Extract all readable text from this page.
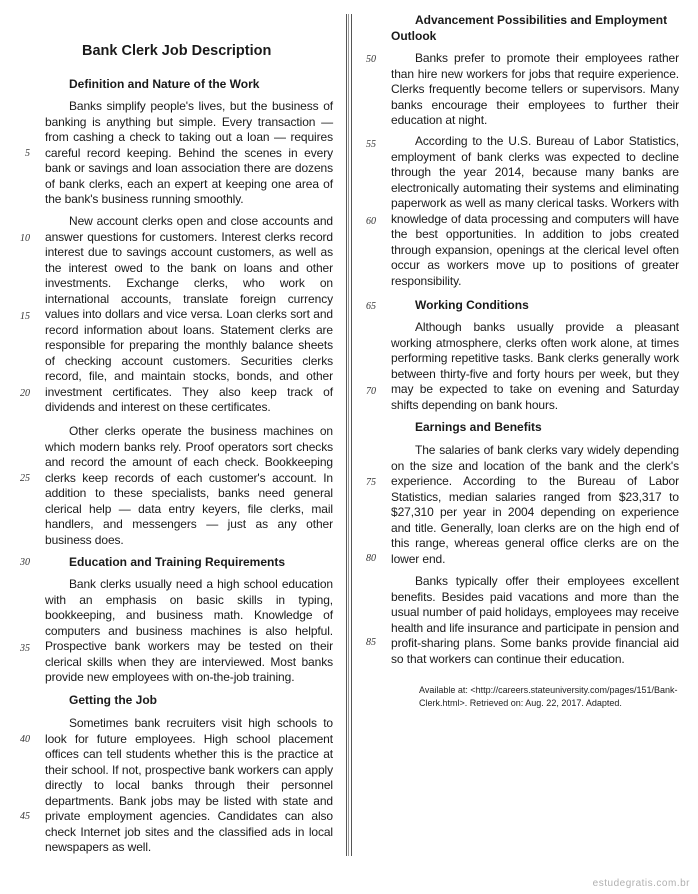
Bank Clerk Job Description

Definition and Nature of the Work

Banks simplify people's lives, but the business of banking is anything but simple. Every transaction — from cashing a check to taking out a loan — requires careful record keeping. Behind the scenes in every bank or savings and loan association there are dozens of bank clerks, each an expert at keeping one area of the bank's business running smoothly.

New account clerks open and close accounts and answer questions for customers. Interest clerks record interest due to savings account customers, as well as the interest owed to the bank on loans and other investments. Exchange clerks, who work on international accounts, translate foreign currency values into dollars and vice versa. Loan clerks sort and record information about loans. Statement clerks are responsible for preparing the monthly balance sheets of checking account customers. Securities clerks record, file, and maintain stocks, bonds, and other investment certificates. They also keep track of dividends and interest on these certificates.

Other clerks operate the business machines on which modern banks rely. Proof operators sort checks and record the amount of each check. Bookkeeping clerks keep records of each customer's account. In addition to these specialists, banks need general clerical help — data entry keyers, file clerks, mail handlers, and messengers — just as any other business does.

Education and Training Requirements

Bank clerks usually need a high school education with an emphasis on basic skills in typing, bookkeeping, and business math. Knowledge of computers and business machines is also helpful. Prospective bank workers may be tested on their clerical skills when they are interviewed. Most banks provide new employees with on-the-job training.

Getting the Job

Sometimes bank recruiters visit high schools to look for future employees. High school placement offices can tell students whether this is the practice at their school. If not, prospective bank workers can apply directly to local banks through their personnel departments. Bank jobs may be listed with state and private employment agencies. Candidates can also check Internet job sites and the classified ads in local newspapers as well.

Advancement Possibilities and Employment Outlook

Banks prefer to promote their employees rather than hire new workers for jobs that require experience. Clerks frequently become tellers or supervisors. Many banks encourage their employees to further their education at night.

According to the U.S. Bureau of Labor Statistics, employment of bank clerks was expected to decline through the year 2014, because many banks are electronically automating their systems and eliminating paperwork as well as many clerical tasks. Workers with knowledge of data processing and computers will have the best opportunities. In addition to jobs created through expansion, openings at the clerical level often occur as workers move up to positions of greater responsibility.

Working Conditions

Although banks usually provide a pleasant working atmosphere, clerks often work alone, at times performing repetitive tasks. Bank clerks generally work between thirty-five and forty hours per week, but they may be expected to take on evening and Saturday shifts depending on bank hours.

Earnings and Benefits

The salaries of bank clerks vary widely depending on the size and location of the bank and the clerk's experience. According to the Bureau of Labor Statistics, median salaries ranged from $23,317 to $27,310 per year in 2004 depending on experience and title. Generally, loan clerks are on the high end of this range, whereas general office clerks are on the lower end.

Banks typically offer their employees excellent benefits. Besides paid vacations and more than the usual number of paid holidays, employees may receive health and life insurance and participate in pension and profit-sharing plans. Some banks provide financial aid so that workers can continue their education.

Available at: <http://careers.stateuniversity.com/pages/151/Bank-Clerk.html>. Retrieved on: Aug. 22, 2017. Adapted.

5
10
15
20
25
30
35
40
45
50
55
60
65
70
75
80
85
estudegratis.com.br
